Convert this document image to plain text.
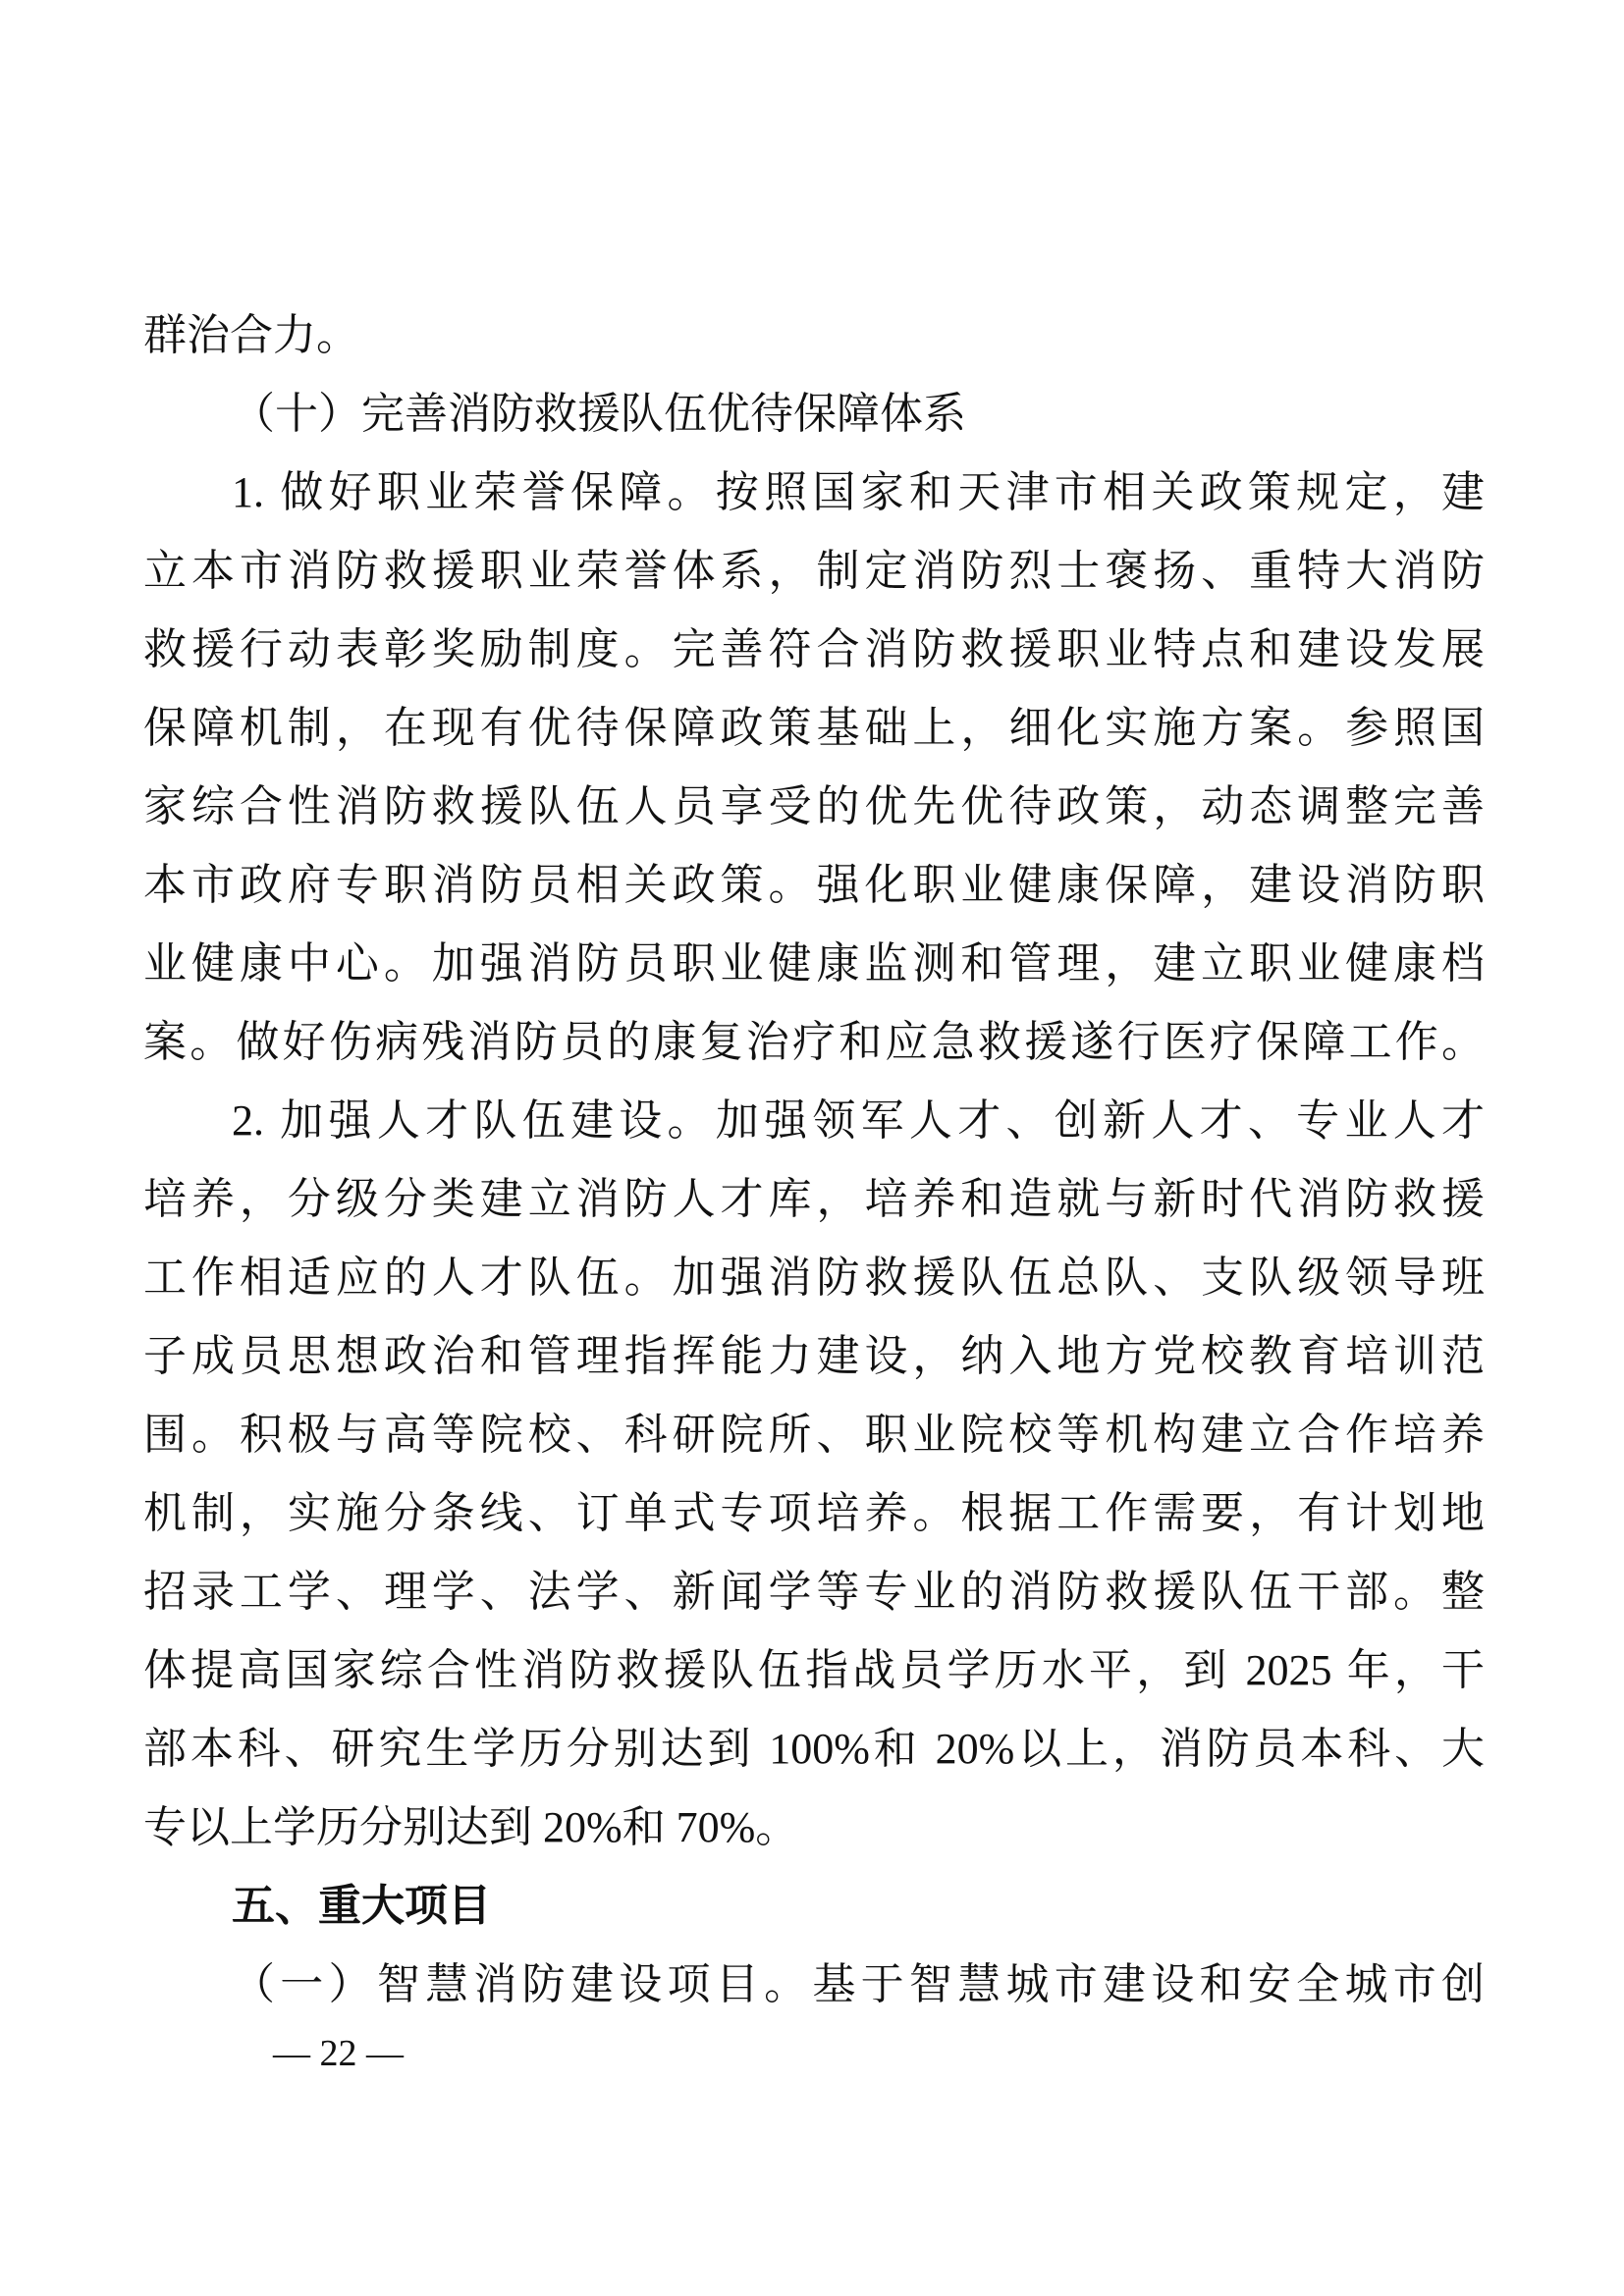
群治合力。
（十）完善消防救援队伍优待保障体系
1. 做好职业荣誉保障。按照国家和天津市相关政策规定，建
立本市消防救援职业荣誉体系，制定消防烈士褒扬、重特大消防
救援行动表彰奖励制度。完善符合消防救援职业特点和建设发展
保障机制，在现有优待保障政策基础上，细化实施方案。参照国
家综合性消防救援队伍人员享受的优先优待政策，动态调整完善
本市政府专职消防员相关政策。强化职业健康保障，建设消防职
业健康中心。加强消防员职业健康监测和管理，建立职业健康档
案。做好伤病残消防员的康复治疗和应急救援遂行医疗保障工作。
2. 加强人才队伍建设。加强领军人才、创新人才、专业人才
培养，分级分类建立消防人才库，培养和造就与新时代消防救援
工作相适应的人才队伍。加强消防救援队伍总队、支队级领导班
子成员思想政治和管理指挥能力建设，纳入地方党校教育培训范
围。积极与高等院校、科研院所、职业院校等机构建立合作培养
机制，实施分条线、订单式专项培养。根据工作需要，有计划地
招录工学、理学、法学、新闻学等专业的消防救援队伍干部。整
体提高国家综合性消防救援队伍指战员学历水平，到 2025 年，干
部本科、研究生学历分别达到 100%和 20%以上，消防员本科、大
专以上学历分别达到 20%和 70%。
五、重大项目
（一）智慧消防建设项目。基于智慧城市建设和安全城市创
— 22 —
